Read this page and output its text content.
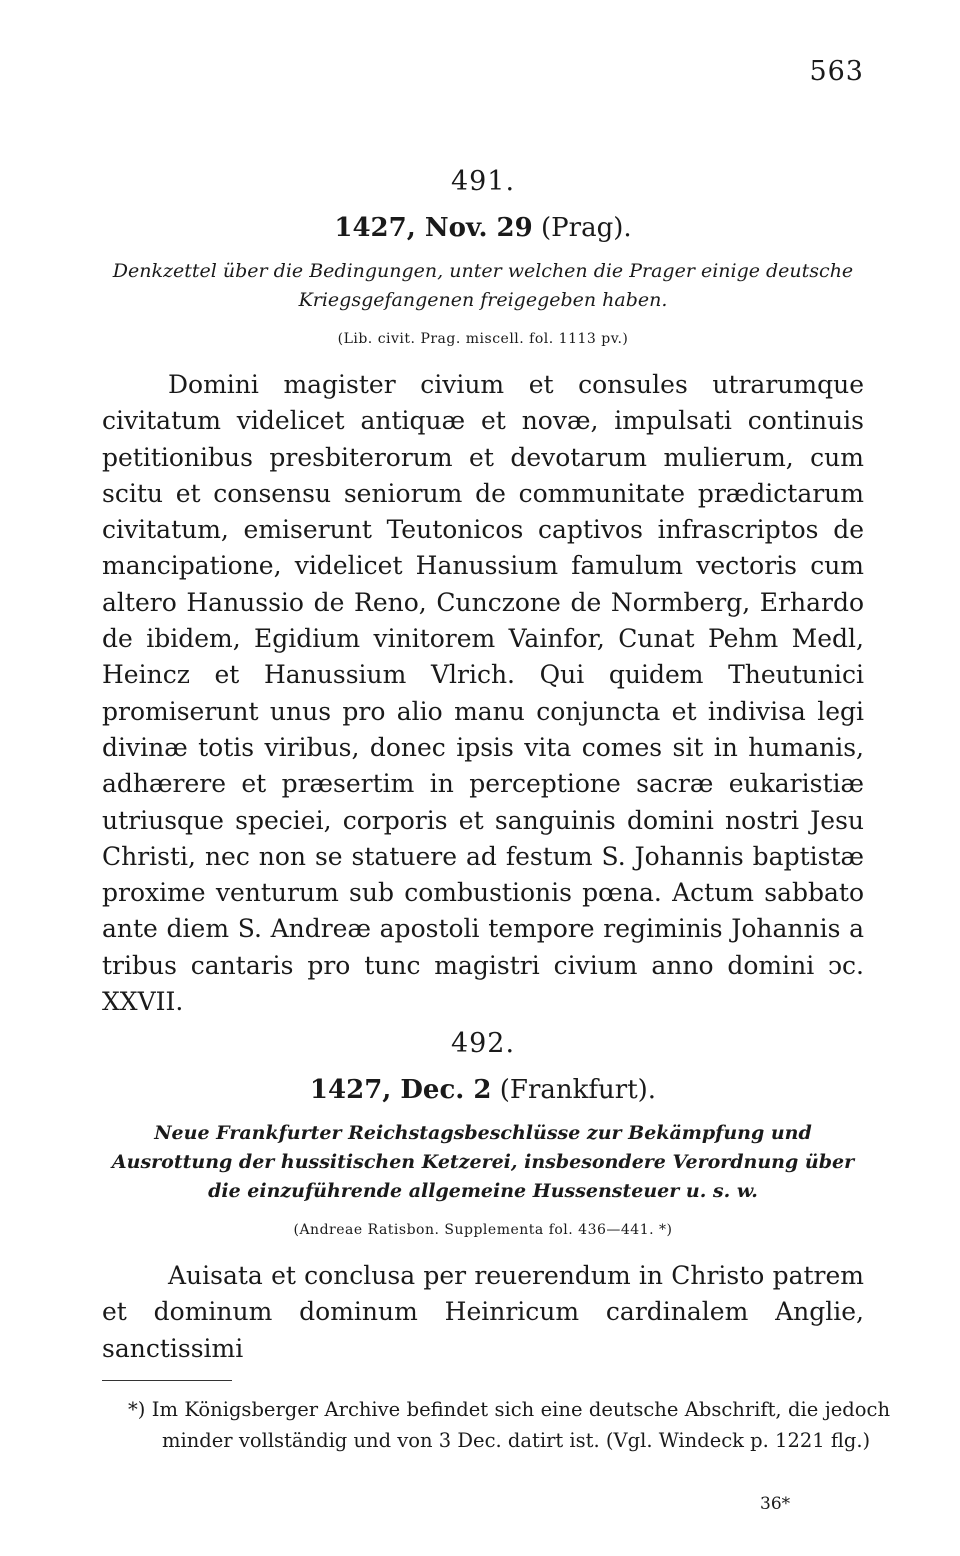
563
491.
1427, Nov. 29 (Prag).
Denkzettel über die Bedingungen, unter welchen die Prager einige deutsche Kriegsgefangenen freigegeben haben.
(Lib. civit. Prag. miscell. fol. 1113 pv.)

Domini magister civium et consules utrarumque civitatum videlicet antiquæ et novæ, impulsati continuis petitionibus presbiterorum et devotarum mulierum, cum scitu et consensu seniorum de communitate prædictarum civitatum, emiserunt Teutonicos captivos infrascriptos de mancipatione, videlicet Hanussium famulum vectoris cum altero Hanussio de Reno, Cunczone de Normberg, Erhardo de ibidem, Egidium vinitorem Vainfor, Cunat Pehm Medl, Heincz et Hanussium Vlrich. Qui quidem Theutunici promiserunt unus pro alio manu conjuncta et indivisa legi divinæ totis viribus, donec ipsis vita comes sit in humanis, adhærere et præsertim in perceptione sacræ eukaristiæ utriusque speciei, corporis et sanguinis domini nostri Jesu Christi, nec non se statuere ad festum S. Johannis baptistæ proxime venturum sub combustionis pœna. Actum sabbato ante diem S. Andreæ apostoli tempore regiminis Johannis a tribus cantaris pro tunc magistri civium anno domini ↄc. XXVII.

492.
1427, Dec. 2 (Frankfurt).
Neue Frankfurter Reichstagsbeschlüsse zur Bekämpfung und Ausrottung der hussitischen Ketzerei, insbesondere Verordnung über die einzuführende allgemeine Hussensteuer u. s. w.
(Andreae Ratisbon. Supplementa fol. 436—441. *)

Auisata et conclusa per reuerendum in Christo patrem et dominum dominum Heinricum cardinalem Anglie, sanctissimi

*) Im Königsberger Archive befindet sich eine deutsche Abschrift, die jedoch minder vollständig und von 3 Dec. datirt ist. (Vgl. Windeck p. 1221 flg.)
36*
